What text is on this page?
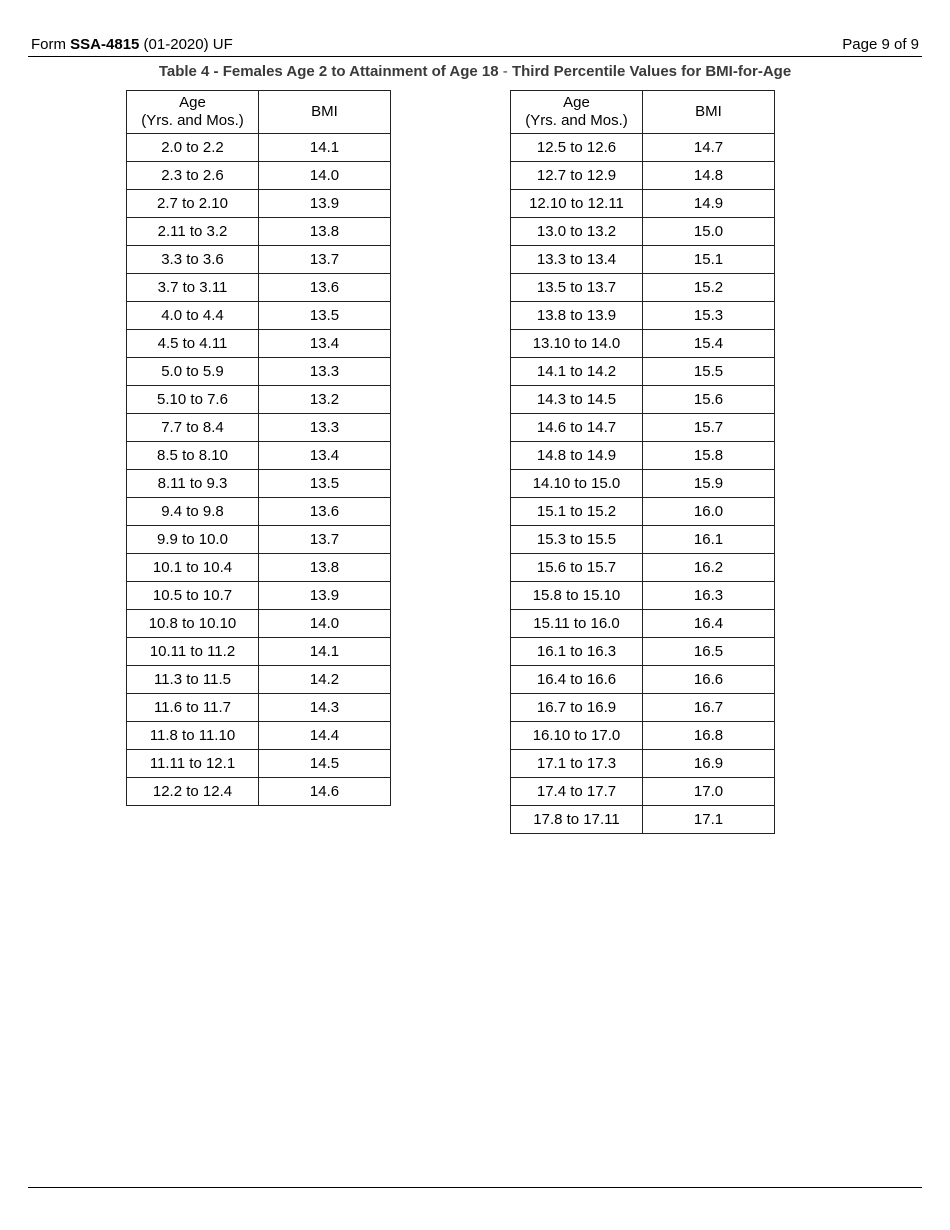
Form SSA-4815 (01-2020) UF	Page 9 of 9
Table 4 - Females Age 2 to Attainment of Age 18 - Third Percentile Values for BMI-for-Age
Age
(Yrs. and Mos.)	BMI
2.0 to 2.2	14.1
2.3 to 2.6	14.0
2.7 to 2.10	13.9
2.11 to 3.2	13.8
3.3 to 3.6	13.7
3.7 to 3.11	13.6
4.0 to 4.4	13.5
4.5 to 4.11	13.4
5.0 to 5.9	13.3
5.10 to 7.6	13.2
7.7 to 8.4	13.3
8.5 to 8.10	13.4
8.11 to 9.3	13.5
9.4 to 9.8	13.6
9.9 to 10.0	13.7
10.1 to 10.4	13.8
10.5 to 10.7	13.9
10.8 to 10.10	14.0
10.11 to 11.2	14.1
11.3 to 11.5	14.2
11.6 to 11.7	14.3
11.8 to 11.10	14.4
11.11 to 12.1	14.5
12.2 to 12.4	14.6
Age
(Yrs. and Mos.)	BMI
12.5 to 12.6	14.7
12.7 to 12.9	14.8
12.10 to 12.11	14.9
13.0 to 13.2	15.0
13.3 to 13.4	15.1
13.5 to 13.7	15.2
13.8 to 13.9	15.3
13.10 to 14.0	15.4
14.1 to 14.2	15.5
14.3 to 14.5	15.6
14.6 to 14.7	15.7
14.8 to 14.9	15.8
14.10 to 15.0	15.9
15.1 to 15.2	16.0
15.3 to 15.5	16.1
15.6 to 15.7	16.2
15.8 to 15.10	16.3
15.11 to 16.0	16.4
16.1 to 16.3	16.5
16.4 to 16.6	16.6
16.7 to 16.9	16.7
16.10 to 17.0	16.8
17.1 to 17.3	16.9
17.4 to 17.7	17.0
17.8 to 17.11	17.1
